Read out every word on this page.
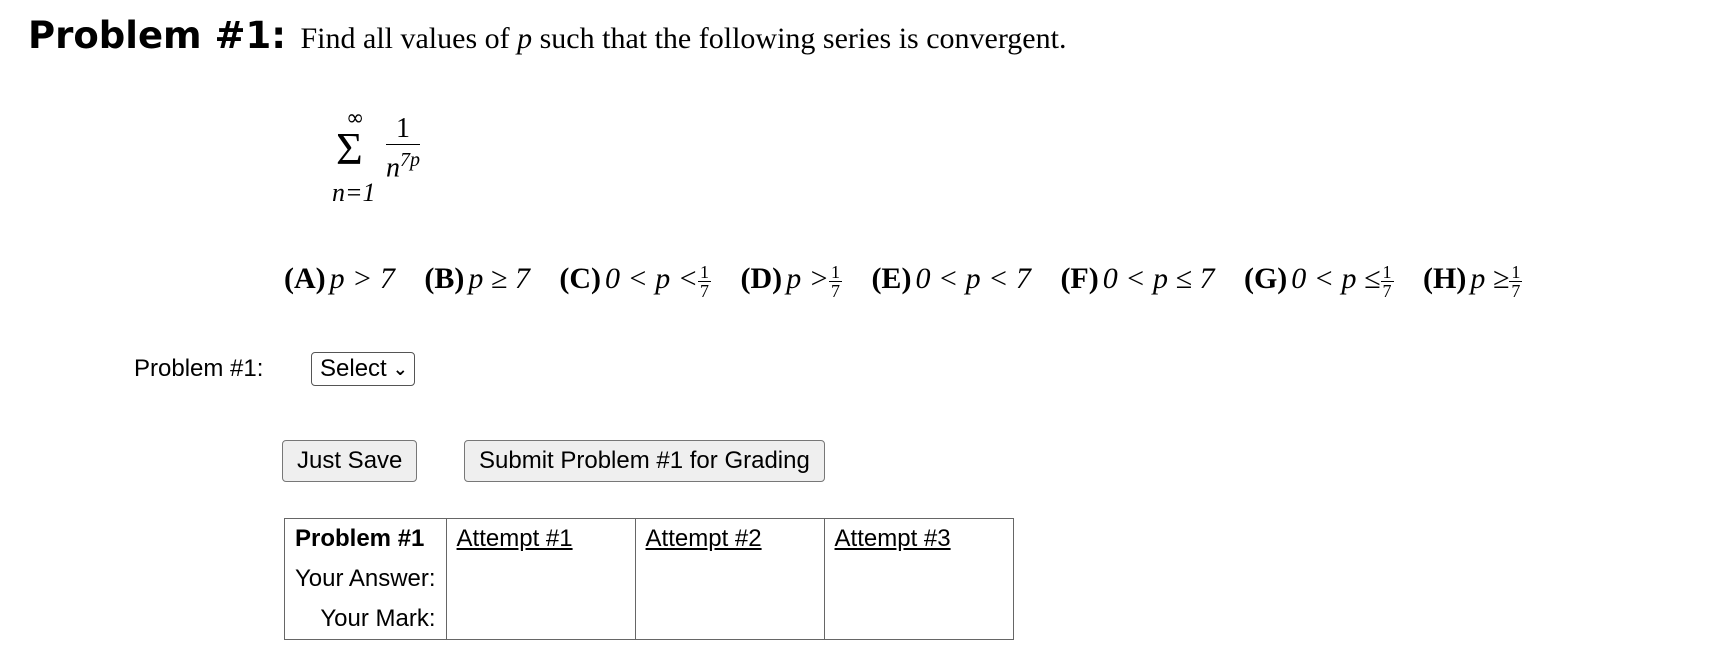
Problem #1: Find all values of p such that the following series is convergent.
∞
Σ	1
$n^{7p}$
n=1
(A) p > 7 (B) p ≥ 7 (C) $0 < p < \frac{1}{7} (D) p > \frac{1}{7} (E) 0 < p < 7$ (F) 0 < p ≤ 7 (G) $0 < p \le \frac{1}{7} (H) p \ge \frac{1}{7}$
Problem #1: Select ⌄
Just Save	Submit Problem #1 for Grading
Problem #1	Attempt #1	Attempt #2	Attempt #3
Your Answer:			
Your Mark:			
